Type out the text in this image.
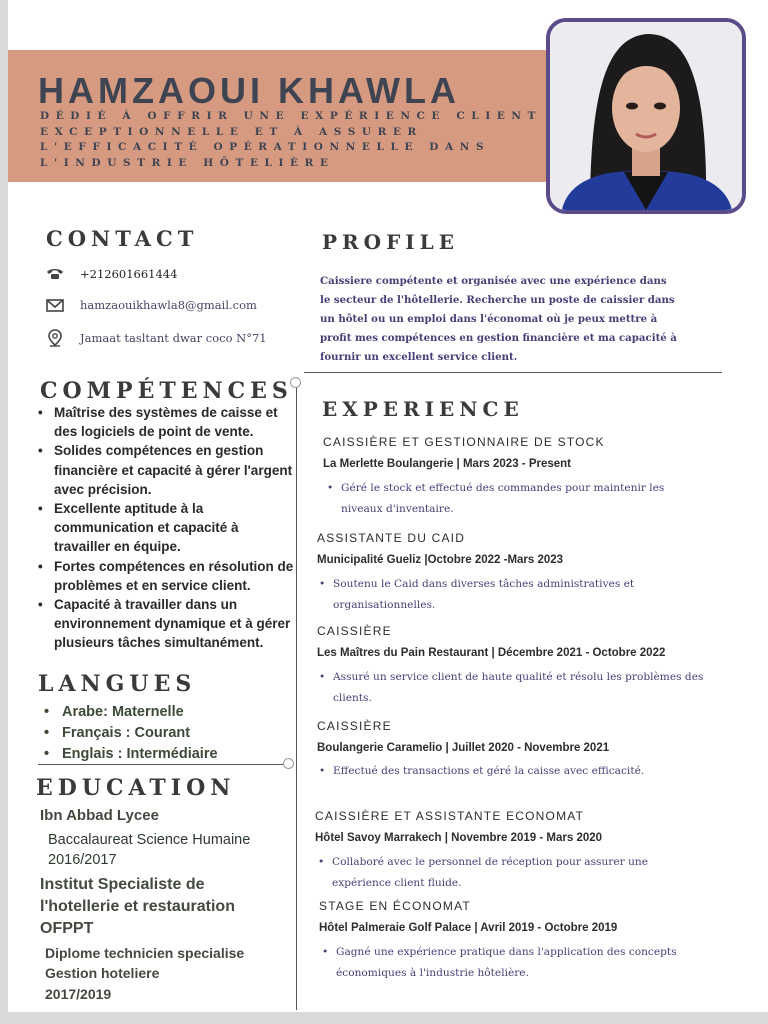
HAMZAOUI KHAWLA
DÉDIÉ À OFFRIR UNE EXPÉRIENCE CLIENT EXCEPTIONNELLE ET À ASSURER L'EFFICACITÉ OPÉRATIONNELLE DANS L'INDUSTRIE HÔTELIÈRE
CONTACT
+212601661444
hamzaouikhawla8@gmail.com
Jamaat tasltant dwar coco N°71
PROFILE
Caissiere compétente et organisée avec une expérience dans le secteur de l'hôtellerie. Recherche un poste de caissier dans un hôtel ou un emploi dans l'économat où je peux mettre à profit mes compétences en gestion financière et ma capacité à fournir un excellent service client.
COMPÉTENCES
• Maîtrise des systèmes de caisse et des logiciels de point de vente.
• Solides compétences en gestion financière et capacité à gérer l'argent avec précision.
• Excellente aptitude à la communication et capacité à travailler en équipe.
• Fortes compétences en résolution de problèmes et en service client.
• Capacité à travailler dans un environnement dynamique et à gérer plusieurs tâches simultanément.
LANGUES
• Arabe: Maternelle
• Français : Courant
• Englais : Intermédiaire
EDUCATION
Ibn Abbad Lycee
Baccalaureat Science Humaine
2016/2017
Institut Specialiste de
l'hotellerie et restauration
OFPPT
Diplome technicien specialise
Gestion hoteliere
2017/2019
EXPERIENCE
CAISSIÈRE ET GESTIONNAIRE DE STOCK
La Merlette Boulangerie | Mars 2023 - Present
• Géré le stock et effectué des commandes pour maintenir les niveaux d'inventaire.
ASSISTANTE DU CAID
Municipalité Gueliz |Octobre 2022 -Mars 2023
• Soutenu le Caid dans diverses tâches administratives et organisationnelles.
CAISSIÈRE
Les Maîtres du Pain Restaurant | Décembre 2021 - Octobre 2022
• Assuré un service client de haute qualité et résolu les problèmes des clients.
CAISSIÈRE
Boulangerie Caramelio | Juillet 2020 - Novembre 2021
• Effectué des transactions et géré la caisse avec efficacité.
CAISSIÈRE ET ASSISTANTE ECONOMAT
Hôtel Savoy Marrakech | Novembre 2019 - Mars 2020
• Collaboré avec le personnel de réception pour assurer une expérience client fluide.
STAGE EN ÉCONOMAT
Hôtel Palmeraie Golf Palace | Avril 2019 - Octobre 2019
• Gagné une expérience pratique dans l'application des concepts économiques à l'industrie hôtelière.
